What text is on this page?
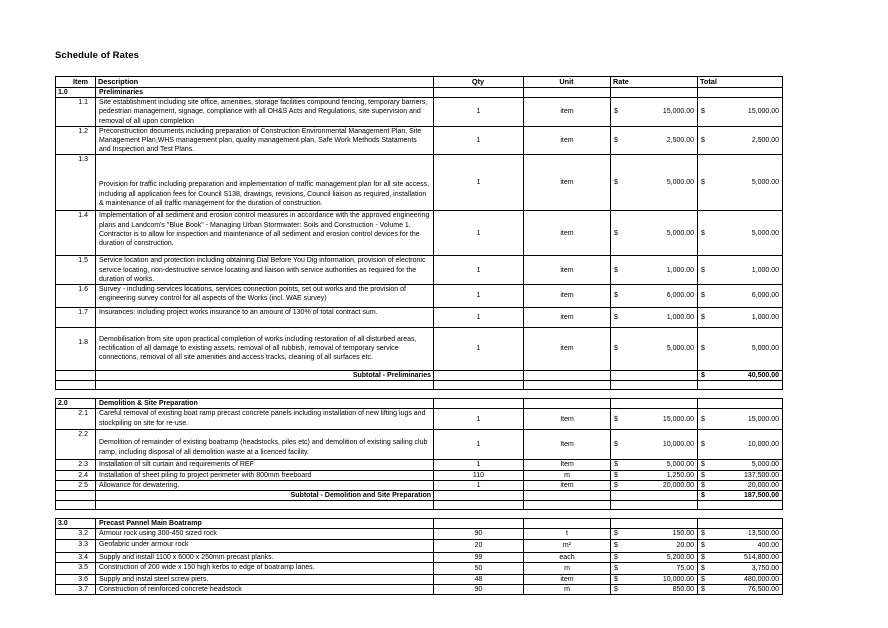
Schedule of Rates
Item	Description	Qty	Unit	Rate	Total
1.0	Preliminaries				
1.1	Site establishment including site office, amenities, storage facilities compound fencing, temporary barriers, pedestrian management, signage, compliance with all OH&S Acts and Regulations, site supervision and removal of all upon completion	1	item	$ 15,000.00	$ 15,000.00

1.2	Preconstruction documents including preparation of Construction Environmental Management Plan, Site Management Plan,WHS management plan, quality management plan, Safe Work Methods Stataments and Inspection and Test Plans.	1	item	$ 2,500.00	$ 2,500.00

1.3	Provision for traffic including preparation and implementation of traffic management plan for all site access, including all application fees for Council S138, drawings, revisions, Council liaison as required, installation & maintenance of all traffic management for the duration of construction.	1	item	$ 5,000.00	$ 5,000.00

1.4	Implementation of all sediment and erosion control measures in accordance with the approved engineering plans and Landcom's "Blue Book" - Managing Urban Stormwater: Soils and Construction - Volume 1. Contractor is to allow for inspection and maintenance of all sediment and erosion control devices for the duration of construction.	1	item	$ 5,000.00	$ 5,000.00

1.5	Service location and protection including obtaining Dial Before You Dig information, provision of electronic service locating, non-destructive service locating and liaison with service authorities as required for the duration of works.	1	item	$ 1,000.00	$ 1,000.00

1.6	Survey - including services locations, services connection points, set out works and the provision of engineering survey control for all aspects of the Works (incl. WAE survey)	1	item	$ 6,000.00	$ 6,000.00

1.7	Insurances: including project works insurance to an amount of 130% of total contract sum.	1	item	$ 1,000.00	$ 1,000.00

1.8	Demobilisation from site upon practical completion of works including restoration of all disturbed areas, rectification of all damage to existing assets, removal of all rubbish, removal of temporary service connections, removal of all site amenities and access tracks, cleaning of all surfaces etc.	1	item	$ 5,000.00	$ 5,000.00

	Subtotal - Preliminaries				$ 40,500.00

2.0	Demolition & Site Preparation				
2.1	Careful removal of existing boat ramp precast concrete panels including installation of new lifting lugs and stockpiling on site for re-use.	1	Item	$ 15,000.00	$ 15,000.00

2.2	Demolition of remainder of existing boatramp (headstocks, piles etc) and demolition of existing sailing club ramp, including disposal of all demolition waste at a licenced facility.	1	Item	$ 10,000.00	$ 10,000.00

2.3	Installation of silt curtain and requirements of REF	1	Item	$ 5,000.00	$ 5,000.00

2.4	Installation of sheet piling to project perimeter with 800mm freeboard	110	m	$ 1,250.00	$ 137,500.00

2.5	Allowance for dewatering.	1	item	$ 20,000.00	$ 20,000.00

	Subtotal - Demolition and Site Preparation				$ 187,500.00

3.0	Precast Pannel Main Boatramp				
3.2	Armour rock using 300-450 sized rock	90	t	$ 150.00	$ 13,500.00

3.3	Geofabric under armour rock	20	m²	$ 20.00	$ 400.00

3.4	Supply and install 1100 x 6000 x 250mm precast planks.	99	each	$ 5,200.00	$ 514,800.00

3.5	Construction of 200 wide x 150 high kerbs to edge of boatramp lanes.	50	m	$ 75.00	$ 3,750.00

3.6	Supply and instal steel screw piers.	48	item	$ 10,000.00	$ 480,000.00

3.7	Construction of reinforced concrete headstock	90	m	$ 850.00	$ 76,500.00
